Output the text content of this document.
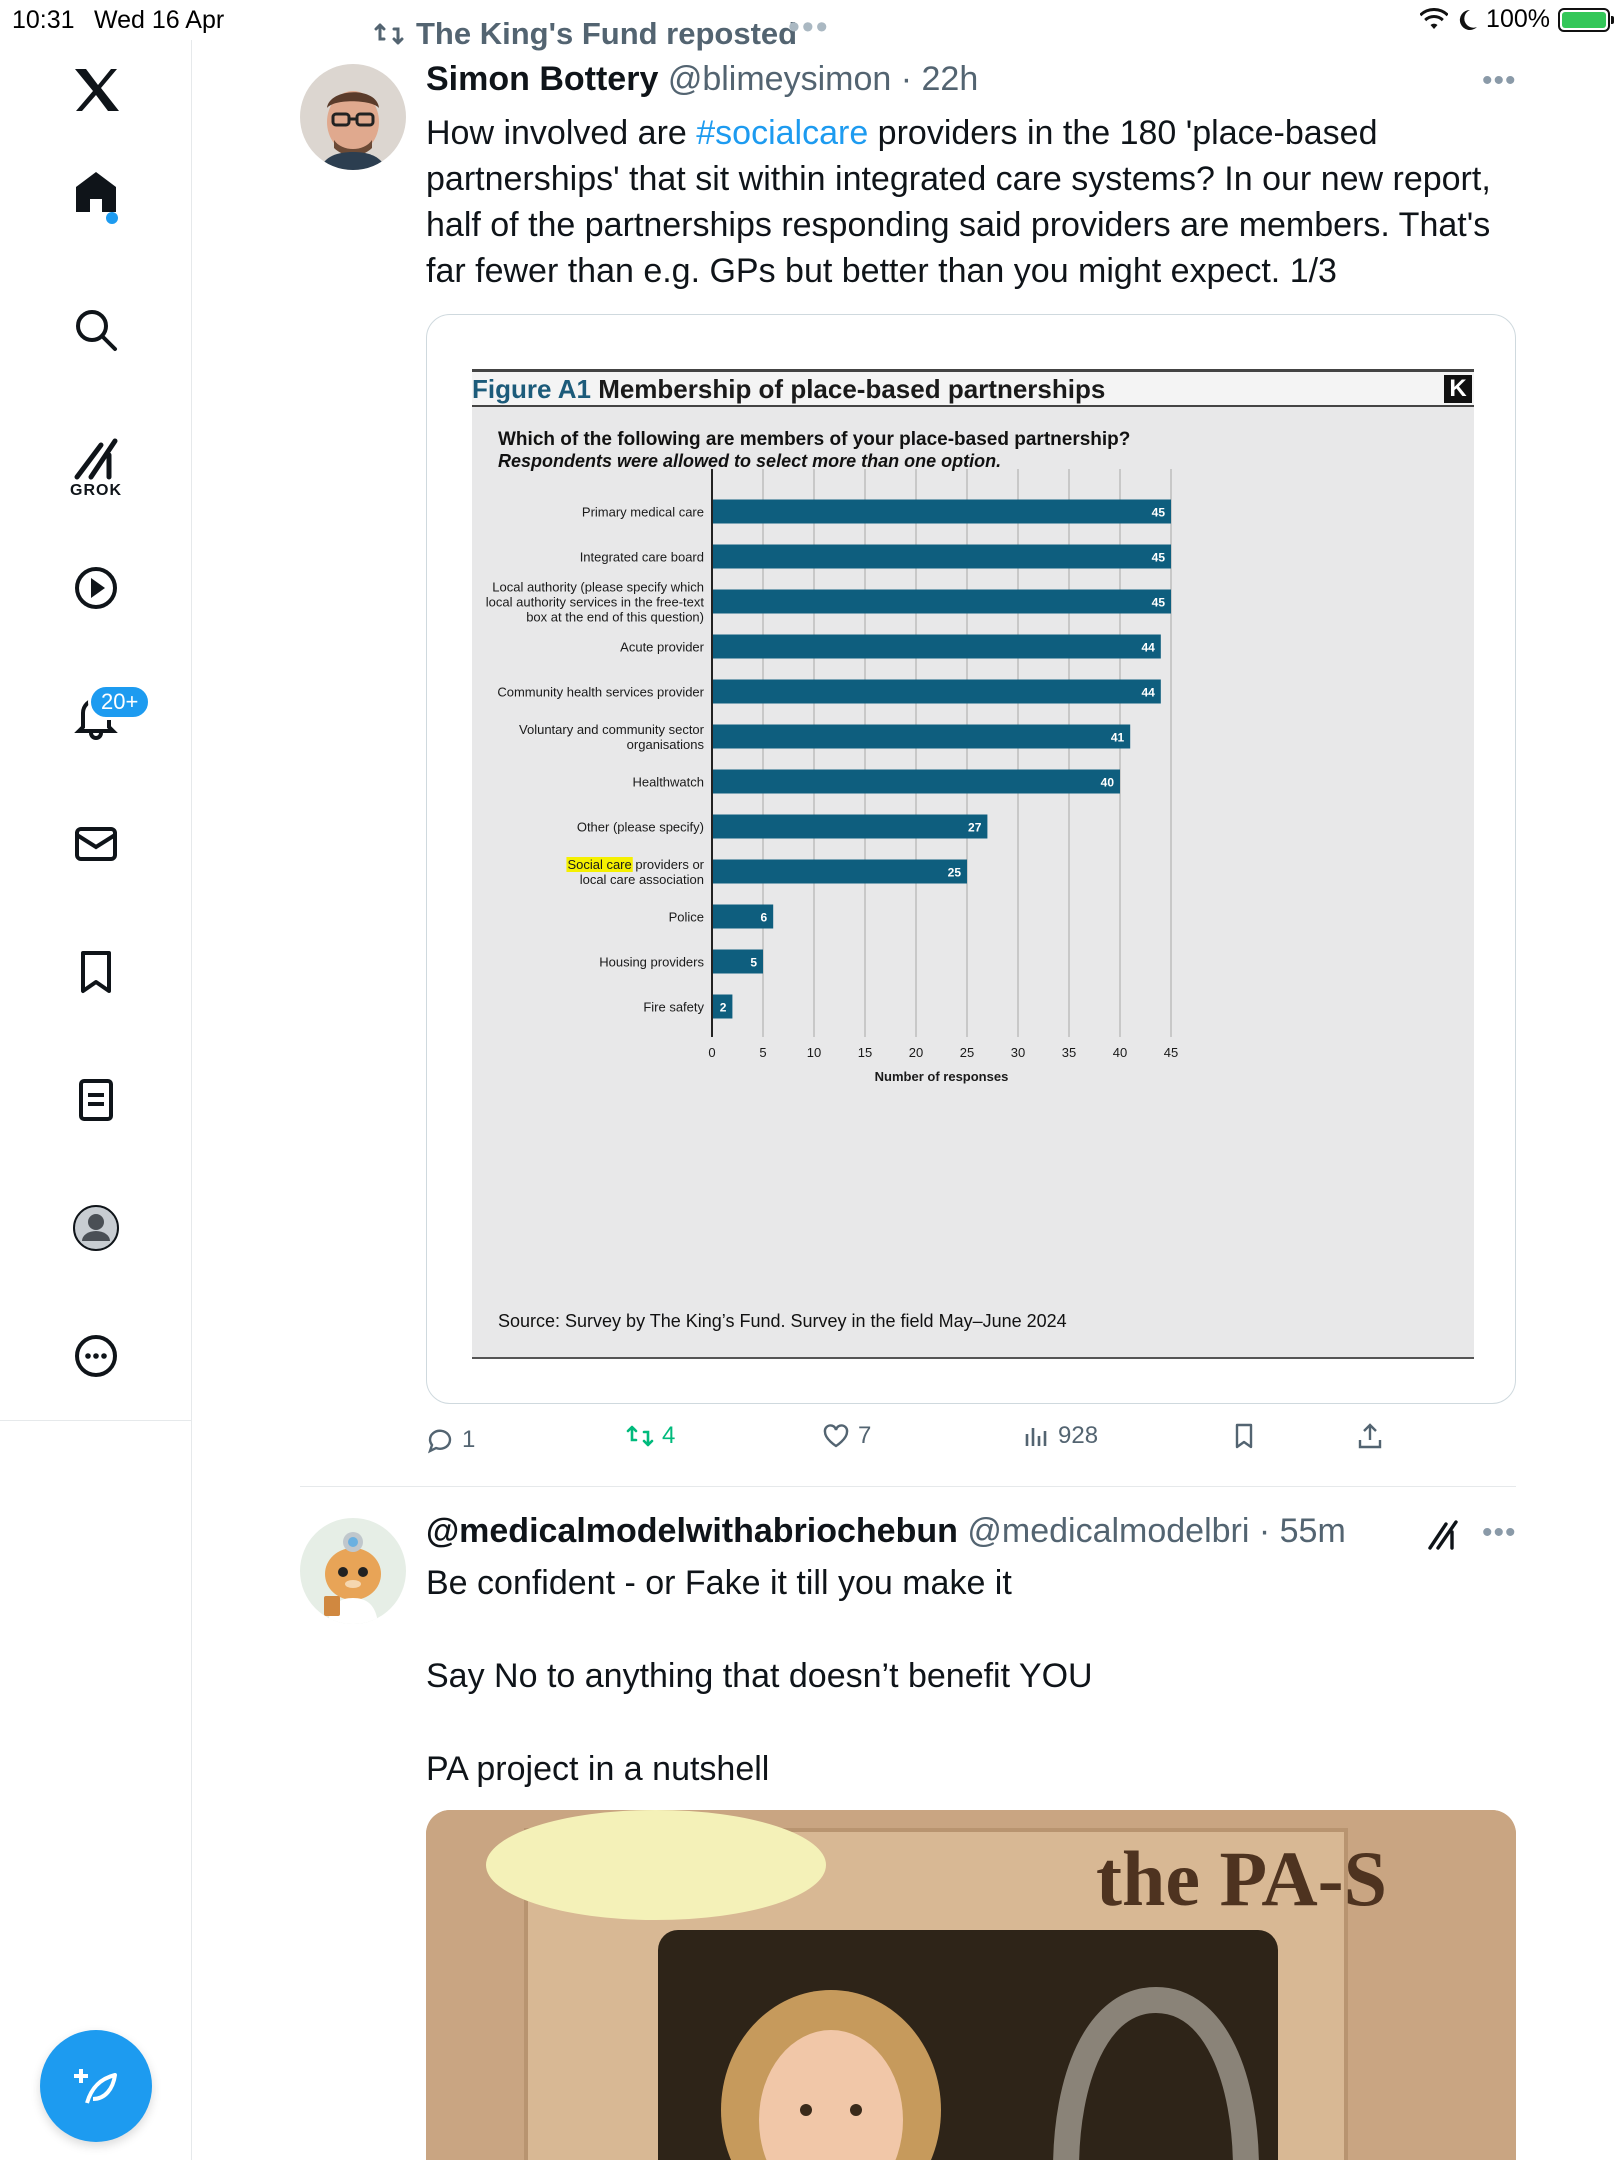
10:31 Wed 16 Apr	100%
GROK
20+
The King's Fund reposted
•••
Simon Bottery @blimeysimon · 22h	•••
How involved are #socialcare providers in the 180 'place-based partnerships' that sit within integrated care systems? In our new report, half of the partnerships responding said providers are members. That's far fewer than e.g. GPs but better than you might expect. 1/3
Figure A1 Membership of place-based partnerships	K
Which of the following are members of your place-based partnership?
Respondents were allowed to select more than one option.
45
Primary medical care
45
Integrated care board
45
Local authority (please specify which
local authority services in the free-text
box at the end of this question)
44
Acute provider
44
Community health services provider
41
Voluntary and community sector
organisations
40
Healthwatch
27
Other (please specify)
25
Social care providers or
local care association
6
Police
5
Housing providers
2
Fire safety
0	5	10	15	20	25	30	35	40	45
Number of responses
Source: Survey by The King’s Fund. Survey in the field May–June 2024
1	4	7	928
@medicalmodelwithabriochebun @medicalmodelbri · 55m	•••
Be confident - or Fake it till you make it
Say No to anything that doesn’t benefit YOU
PA project in a nutshell
the PA-S
